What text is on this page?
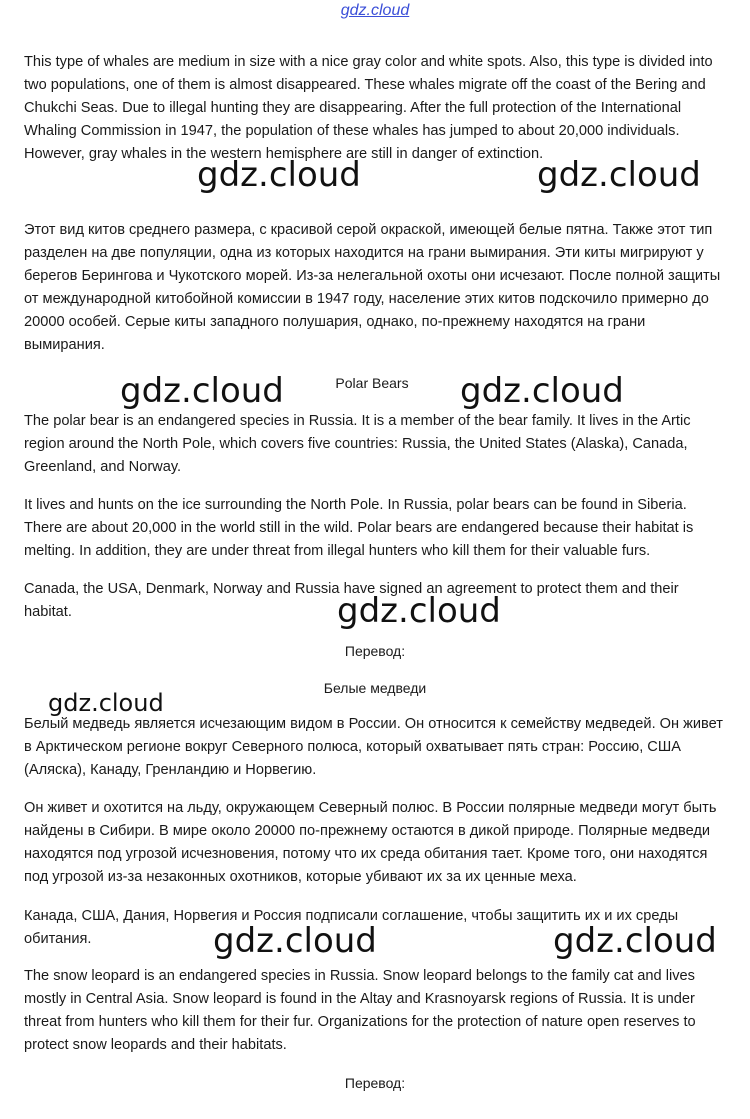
gdz.cloud

This type of whales are medium in size with a nice gray color and white spots. Also, this type is divided into two populations, one of them is almost disappeared. These whales migrate off the coast of the Bering and Chukchi Seas. Due to illegal hunting they are disappearing. After the full protection of the International Whaling Commission in 1947, the population of these whales has jumped to about 20,000 individuals. However, gray whales in the western hemisphere are still in danger of extinction.

gdz.cloud	gdz.cloud

Этот вид китов среднего размера, с красивой серой окраской, имеющей белые пятна. Также этот тип разделен на две популяции, одна из которых находится на грани вымирания. Эти киты мигрируют у берегов Берингова и Чукотского морей. Из-за нелегальной охоты они исчезают. После полной защиты от международной китобойной комиссии в 1947 году, население этих китов подскочило примерно до 20000 особей. Серые киты западного полушария, однако, по-прежнему находятся на грани вымирания.

gdz.cloud	Polar Bears	gdz.cloud

The polar bear is an endangered species in Russia. It is a member of the bear family. It lives in the Artic region around the North Pole, which covers five countries: Russia, the United States (Alaska), Canada, Greenland, and Norway.

It lives and hunts on the ice surrounding the North Pole. In Russia, polar bears can be found in Siberia. There are about 20,000 in the world still in the wild. Polar bears are endangered because their habitat is melting. In addition, they are under threat from illegal hunters who kill them for their valuable furs.

Canada, the USA, Denmark, Norway and Russia have signed an agreement to protect them and their habitat.	gdz.cloud
Перевод:
Белые медведи
gdz.cloud

Белый медведь является исчезающим видом в России. Он относится к семейству медведей. Он живет в Арктическом регионе вокруг Северного полюса, который охватывает пять стран: Россию, США (Аляска), Канаду, Гренландию и Норвегию.

Он живет и охотится на льду, окружающем Северный полюс. В России полярные медведи могут быть найдены в Сибири. В мире около 20000 по-прежнему остаются в дикой природе. Полярные медведи находятся под угрозой исчезновения, потому что их среда обитания тает. Кроме того, они находятся под угрозой из-за незаконных охотников, которые убивают их за их ценные меха.

Канада, США, Дания, Норвегия и Россия подписали соглашение, чтобы защитить их и их среды обитания.	gdz.cloud	gdz.cloud

The snow leopard is an endangered species in Russia. Snow leopard belongs to the family cat and lives mostly in Central Asia. Snow leopard is found in the Altay and Krasnoyarsk regions of Russia. It is under threat from hunters who kill them for their fur. Organizations for the protection of nature open reserves to protect snow leopards and their habitats.

Перевод:
